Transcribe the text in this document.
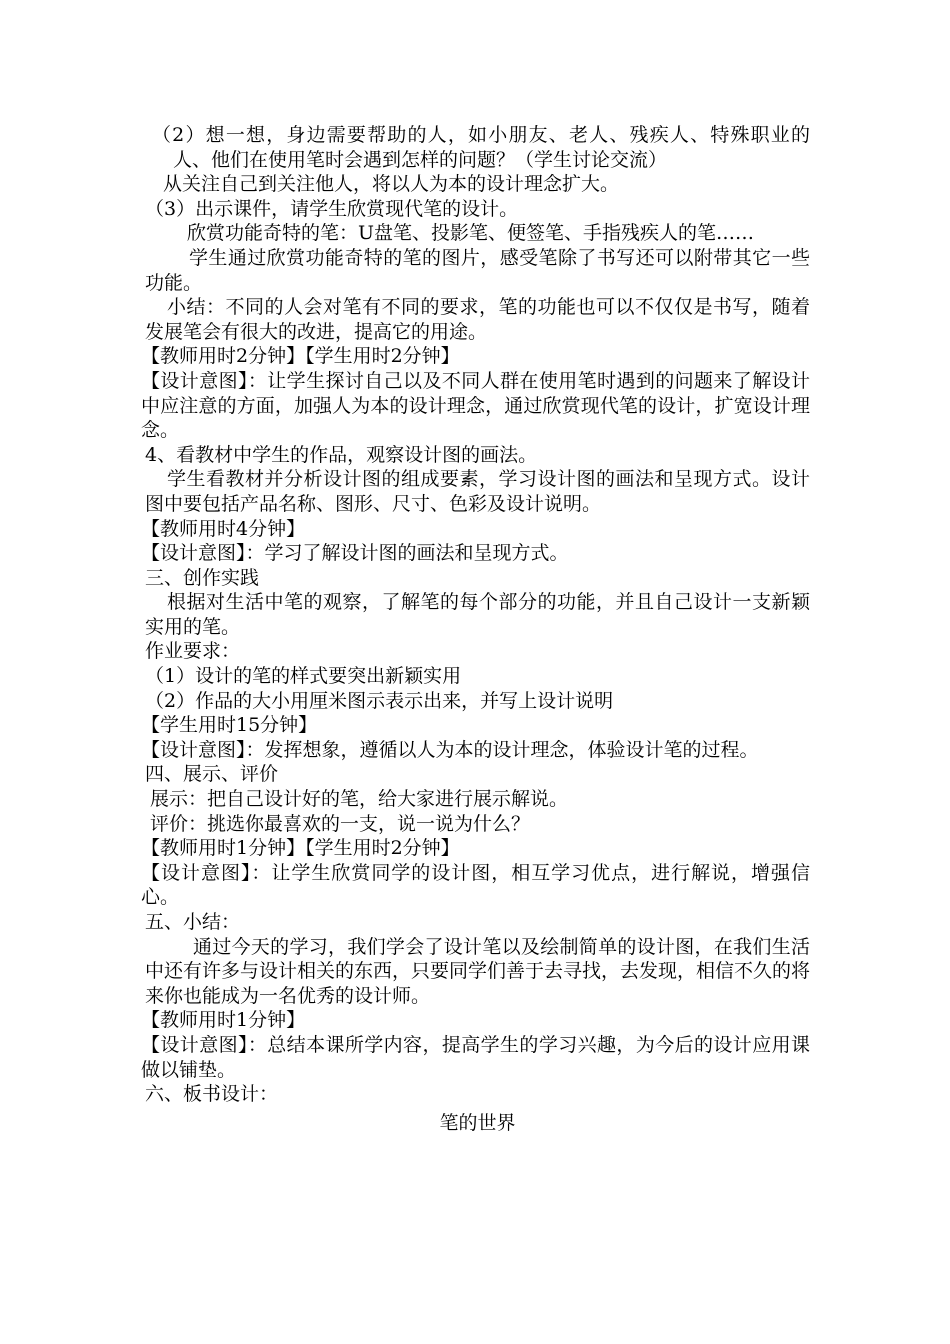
（2）想一想，身边需要帮助的人，如小朋友、老人、残疾人、特殊职业的人、他们在使用笔时会遇到怎样的问题？（学生讨论交流）

从关注自己到关注他人，将以人为本的设计理念扩大。

（3）出示课件，请学生欣赏现代笔的设计。

欣赏功能奇特的笔：U盘笔、投影笔、便签笔、手指残疾人的笔……

学生通过欣赏功能奇特的笔的图片，感受笔除了书写还可以附带其它一些功能。

小结：不同的人会对笔有不同的要求，笔的功能也可以不仅仅是书写，随着发展笔会有很大的改进，提高它的用途。

【教师用时2分钟】【学生用时2分钟】

【设计意图】：让学生探讨自己以及不同人群在使用笔时遇到的问题来了解设计中应注意的方面，加强人为本的设计理念，通过欣赏现代笔的设计，扩宽设计理念。

4、看教材中学生的作品，观察设计图的画法。

学生看教材并分析设计图的组成要素，学习设计图的画法和呈现方式。设计图中要包括产品名称、图形、尺寸、色彩及设计说明。

【教师用时4分钟】

【设计意图】：学习了解设计图的画法和呈现方式。

三、创作实践

根据对生活中笔的观察，了解笔的每个部分的功能，并且自己设计一支新颖实用的笔。

作业要求：

（1）设计的笔的样式要突出新颖实用

（2）作品的大小用厘米图示表示出来，并写上设计说明

【学生用时15分钟】

【设计意图】：发挥想象，遵循以人为本的设计理念，体验设计笔的过程。

四、展示、评价

展示：把自己设计好的笔，给大家进行展示解说。

评价：挑选你最喜欢的一支，说一说为什么？

【教师用时1分钟】【学生用时2分钟】

【设计意图】：让学生欣赏同学的设计图，相互学习优点，进行解说，增强信心。

五、小结：

通过今天的学习，我们学会了设计笔以及绘制简单的设计图，在我们生活中还有许多与设计相关的东西，只要同学们善于去寻找，去发现，相信不久的将来你也能成为一名优秀的设计师。

【教师用时1分钟】

【设计意图】：总结本课所学内容，提高学生的学习兴趣，为今后的设计应用课做以铺垫。

六、板书设计：

笔的世界
